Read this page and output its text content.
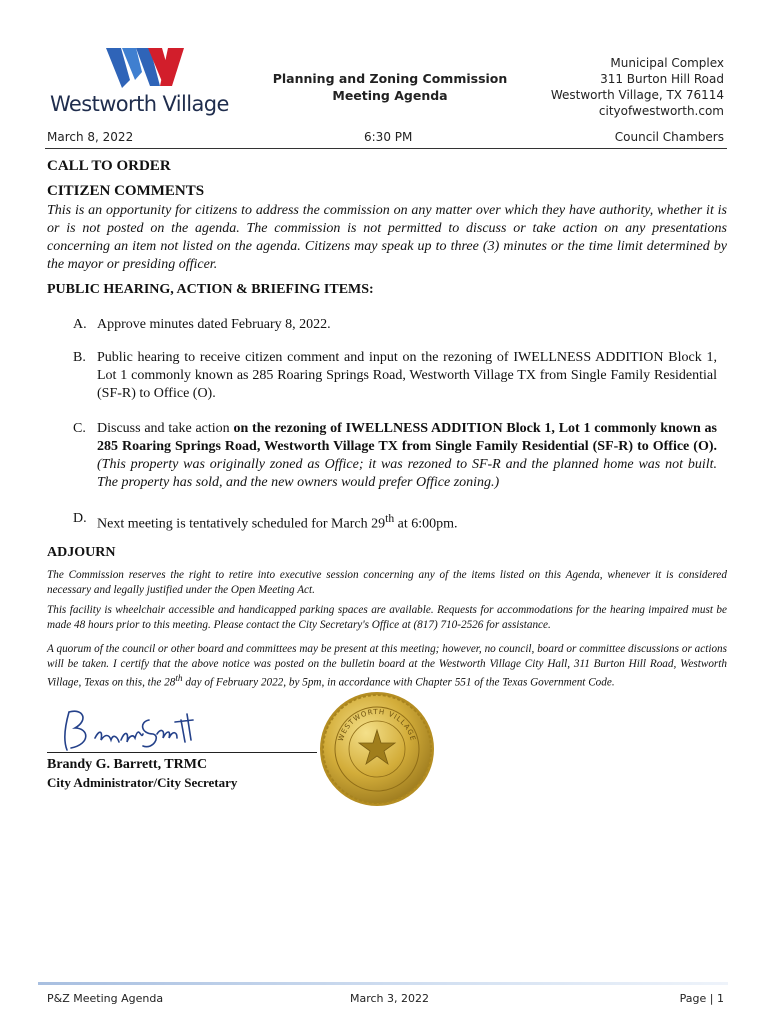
Westworth Village
Planning and Zoning Commission
Meeting Agenda
Municipal Complex
311 Burton Hill Road
Westworth Village, TX 76114
cityofwestworth.com
March 8, 2022	6:30 PM	Council Chambers
CALL TO ORDER
CITIZEN COMMENTS
This is an opportunity for citizens to address the commission on any matter over which they have authority, whether it is or is not posted on the agenda. The commission is not permitted to discuss or take action on any presentations concerning an item not listed on the agenda. Citizens may speak up to three (3) minutes or the time limit determined by the mayor or presiding officer.
PUBLIC HEARING, ACTION & BRIEFING ITEMS:
A. Approve minutes dated February 8, 2022.
B. Public hearing to receive citizen comment and input on the rezoning of IWELLNESS ADDITION Block 1, Lot 1 commonly known as 285 Roaring Springs Road, Westworth Village TX from Single Family Residential (SF-R) to Office (O).
C. Discuss and take action on the rezoning of IWELLNESS ADDITION Block 1, Lot 1 commonly known as 285 Roaring Springs Road, Westworth Village TX from Single Family Residential (SF-R) to Office (O). (This property was originally zoned as Office; it was rezoned to SF-R and the planned home was not built. The property has sold, and the new owners would prefer Office zoning.)
D. Next meeting is tentatively scheduled for March 29th at 6:00pm.
ADJOURN
The Commission reserves the right to retire into executive session concerning any of the items listed on this Agenda, whenever it is considered necessary and legally justified under the Open Meeting Act.
This facility is wheelchair accessible and handicapped parking spaces are available. Requests for accommodations for the hearing impaired must be made 48 hours prior to this meeting. Please contact the City Secretary's Office at (817) 710-2526 for assistance.
A quorum of the council or other board and committees may be present at this meeting; however, no council, board or committee discussions or actions will be taken. I certify that the above notice was posted on the bulletin board at the Westworth Village City Hall, 311 Burton Hill Road, Westworth Village, Texas on this, the 28th day of February 2022, by 5pm, in accordance with Chapter 551 of the Texas Government Code.
Brandy G. Barrett, TRMC
City Administrator/City Secretary
WESTWORTH VILLAGE
P&Z Meeting Agenda	March 3, 2022	Page | 1
